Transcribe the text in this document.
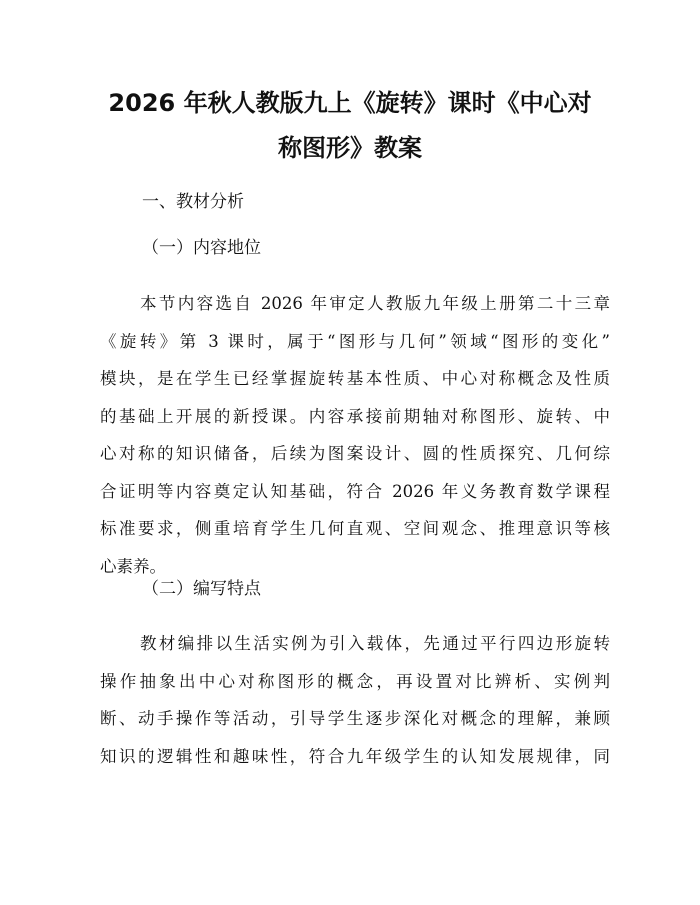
2026 年秋人教版九上《旋转》课时《中心对
称图形》教案

一、教材分析

（一）内容地位

本节内容选自 2026 年审定人教版九年级上册第二十三章
《旋转》第 3 课时，属于“图形与几何”领域“图形的变化”
模块，是在学生已经掌握旋转基本性质、中心对称概念及性质
的基础上开展的新授课。内容承接前期轴对称图形、旋转、中
心对称的知识储备，后续为图案设计、圆的性质探究、几何综
合证明等内容奠定认知基础，符合 2026 年义务教育数学课程
标准要求，侧重培育学生几何直观、空间观念、推理意识等核
心素养。

（二）编写特点

教材编排以生活实例为引入载体，先通过平行四边形旋转
操作抽象出中心对称图形的概念，再设置对比辨析、实例判
断、动手操作等活动，引导学生逐步深化对概念的理解，兼顾
知识的逻辑性和趣味性，符合九年级学生的认知发展规律，同
